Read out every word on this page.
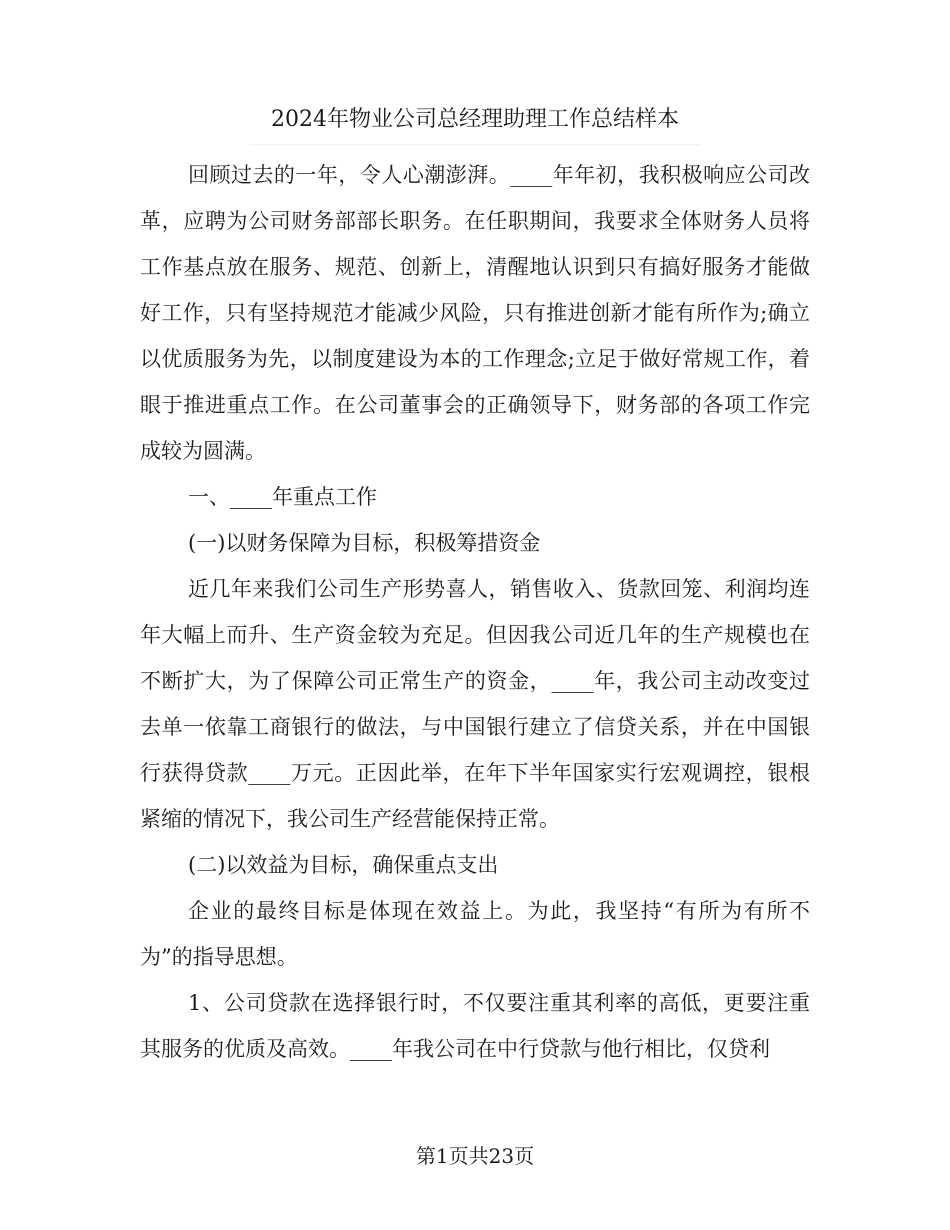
2024年物业公司总经理助理工作总结样本

回顾过去的一年，令人心潮澎湃。____年年初，我积极响应公司改革，应聘为公司财务部部长职务。在任职期间，我要求全体财务人员将工作基点放在服务、规范、创新上，清醒地认识到只有搞好服务才能做好工作，只有坚持规范才能减少风险，只有推进创新才能有所作为;确立以优质服务为先，以制度建设为本的工作理念;立足于做好常规工作，着眼于推进重点工作。在公司董事会的正确领导下，财务部的各项工作完成较为圆满。

一、____年重点工作

(一)以财务保障为目标，积极筹措资金

近几年来我们公司生产形势喜人，销售收入、货款回笼、利润均连年大幅上而升、生产资金较为充足。但因我公司近几年的生产规模也在不断扩大，为了保障公司正常生产的资金，____年，我公司主动改变过去单一依靠工商银行的做法，与中国银行建立了信贷关系，并在中国银行获得贷款____万元。正因此举，在年下半年国家实行宏观调控，银根紧缩的情况下，我公司生产经营能保持正常。

(二)以效益为目标，确保重点支出

企业的最终目标是体现在效益上。为此，我坚持“有所为有所不为”的指导思想。

1、公司贷款在选择银行时，不仅要注重其利率的高低，更要注重其服务的优质及高效。____年我公司在中行贷款与他行相比，仅贷利

第1页共23页
